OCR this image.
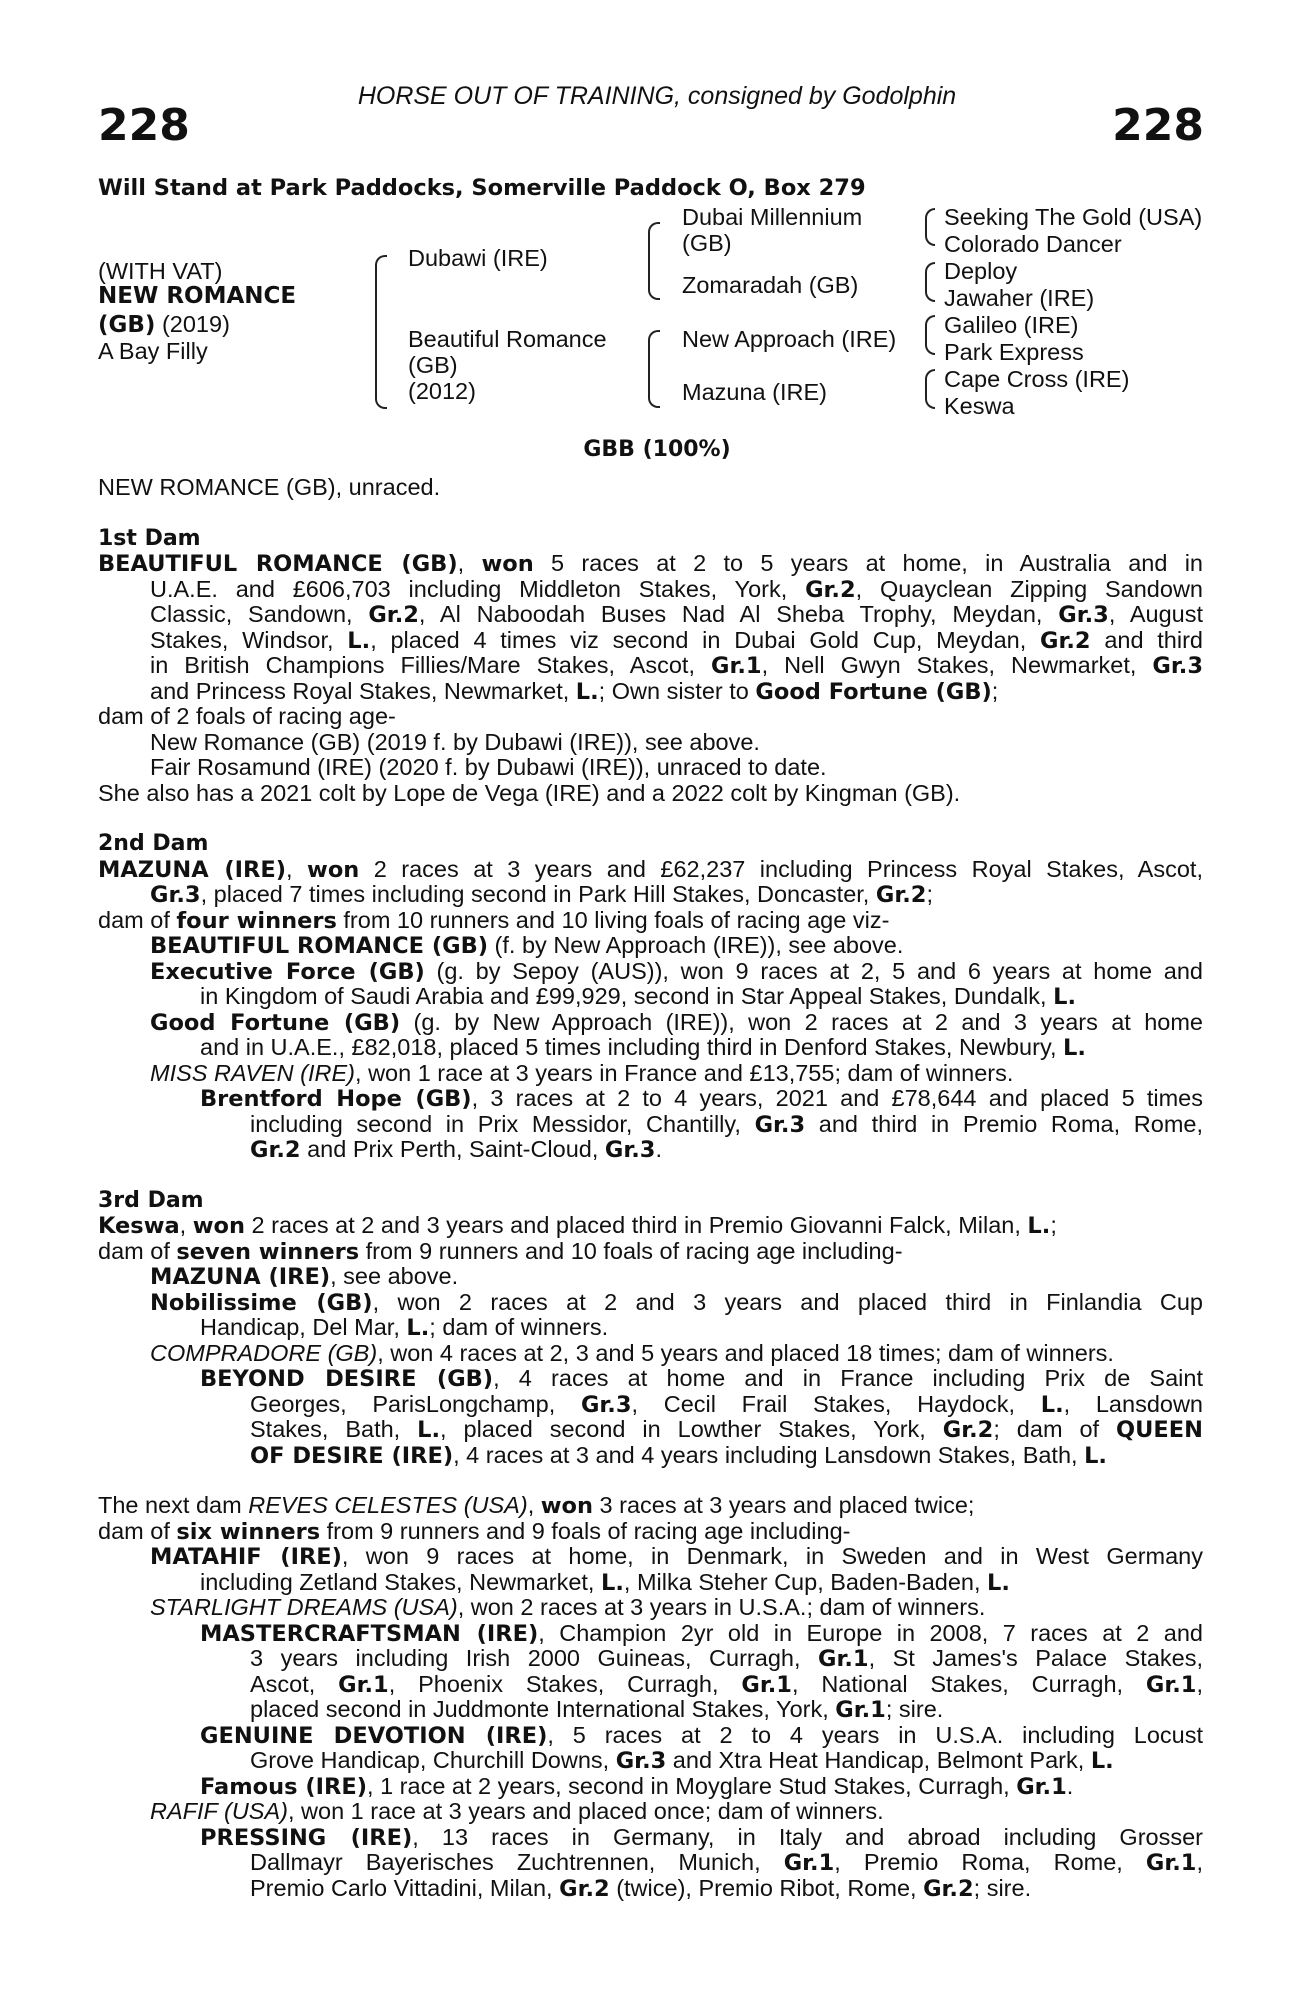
HORSE OUT OF TRAINING, consigned by Godolphin
228	228
Will Stand at Park Paddocks, Somerville Paddock O, Box 279
(WITH VAT)
NEW ROMANCE
(GB) (2019)
A Bay Filly
Dubawi (IRE)
Beautiful Romance
(GB)
(2012)
Dubai Millennium
(GB)
Zomaradah (GB)
New Approach (IRE)
Mazuna (IRE)
Seeking The Gold (USA)
Colorado Dancer
Deploy
Jawaher (IRE)
Galileo (IRE)
Park Express
Cape Cross (IRE)
Keswa
GBB (100%)
NEW ROMANCE (GB), unraced.
1st Dam
BEAUTIFUL ROMANCE (GB), won 5 races at 2 to 5 years at home, in Australia and in
U.A.E. and £606,703 including Middleton Stakes, York, Gr.2, Quayclean Zipping Sandown
Classic, Sandown, Gr.2, Al Naboodah Buses Nad Al Sheba Trophy, Meydan, Gr.3, August
Stakes, Windsor, L., placed 4 times viz second in Dubai Gold Cup, Meydan, Gr.2 and third
in British Champions Fillies/Mare Stakes, Ascot, Gr.1, Nell Gwyn Stakes, Newmarket, Gr.3
and Princess Royal Stakes, Newmarket, L.; Own sister to Good Fortune (GB);
dam of 2 foals of racing age-
New Romance (GB) (2019 f. by Dubawi (IRE)), see above.
Fair Rosamund (IRE) (2020 f. by Dubawi (IRE)), unraced to date.
She also has a 2021 colt by Lope de Vega (IRE) and a 2022 colt by Kingman (GB).
2nd Dam
MAZUNA (IRE), won 2 races at 3 years and £62,237 including Princess Royal Stakes, Ascot,
Gr.3, placed 7 times including second in Park Hill Stakes, Doncaster, Gr.2;
dam of four winners from 10 runners and 10 living foals of racing age viz-
BEAUTIFUL ROMANCE (GB) (f. by New Approach (IRE)), see above.
Executive Force (GB) (g. by Sepoy (AUS)), won 9 races at 2, 5 and 6 years at home and
in Kingdom of Saudi Arabia and £99,929, second in Star Appeal Stakes, Dundalk, L.
Good Fortune (GB) (g. by New Approach (IRE)), won 2 races at 2 and 3 years at home
and in U.A.E., £82,018, placed 5 times including third in Denford Stakes, Newbury, L.
MISS RAVEN (IRE), won 1 race at 3 years in France and £13,755; dam of winners.
Brentford Hope (GB), 3 races at 2 to 4 years, 2021 and £78,644 and placed 5 times
including second in Prix Messidor, Chantilly, Gr.3 and third in Premio Roma, Rome,
Gr.2 and Prix Perth, Saint-Cloud, Gr.3.
3rd Dam
Keswa, won 2 races at 2 and 3 years and placed third in Premio Giovanni Falck, Milan, L.;
dam of seven winners from 9 runners and 10 foals of racing age including-
MAZUNA (IRE), see above.
Nobilissime (GB), won 2 races at 2 and 3 years and placed third in Finlandia Cup
Handicap, Del Mar, L.; dam of winners.
COMPRADORE (GB), won 4 races at 2, 3 and 5 years and placed 18 times; dam of winners.
BEYOND DESIRE (GB), 4 races at home and in France including Prix de Saint
Georges, ParisLongchamp, Gr.3, Cecil Frail Stakes, Haydock, L., Lansdown
Stakes, Bath, L., placed second in Lowther Stakes, York, Gr.2; dam of QUEEN
OF DESIRE (IRE), 4 races at 3 and 4 years including Lansdown Stakes, Bath, L.
The next dam REVES CELESTES (USA), won 3 races at 3 years and placed twice;
dam of six winners from 9 runners and 9 foals of racing age including-
MATAHIF (IRE), won 9 races at home, in Denmark, in Sweden and in West Germany
including Zetland Stakes, Newmarket, L., Milka Steher Cup, Baden-Baden, L.
STARLIGHT DREAMS (USA), won 2 races at 3 years in U.S.A.; dam of winners.
MASTERCRAFTSMAN (IRE), Champion 2yr old in Europe in 2008, 7 races at 2 and
3 years including Irish 2000 Guineas, Curragh, Gr.1, St James's Palace Stakes,
Ascot, Gr.1, Phoenix Stakes, Curragh, Gr.1, National Stakes, Curragh, Gr.1,
placed second in Juddmonte International Stakes, York, Gr.1; sire.
GENUINE DEVOTION (IRE), 5 races at 2 to 4 years in U.S.A. including Locust
Grove Handicap, Churchill Downs, Gr.3 and Xtra Heat Handicap, Belmont Park, L.
Famous (IRE), 1 race at 2 years, second in Moyglare Stud Stakes, Curragh, Gr.1.
RAFIF (USA), won 1 race at 3 years and placed once; dam of winners.
PRESSING (IRE), 13 races in Germany, in Italy and abroad including Grosser
Dallmayr Bayerisches Zuchtrennen, Munich, Gr.1, Premio Roma, Rome, Gr.1,
Premio Carlo Vittadini, Milan, Gr.2 (twice), Premio Ribot, Rome, Gr.2; sire.
